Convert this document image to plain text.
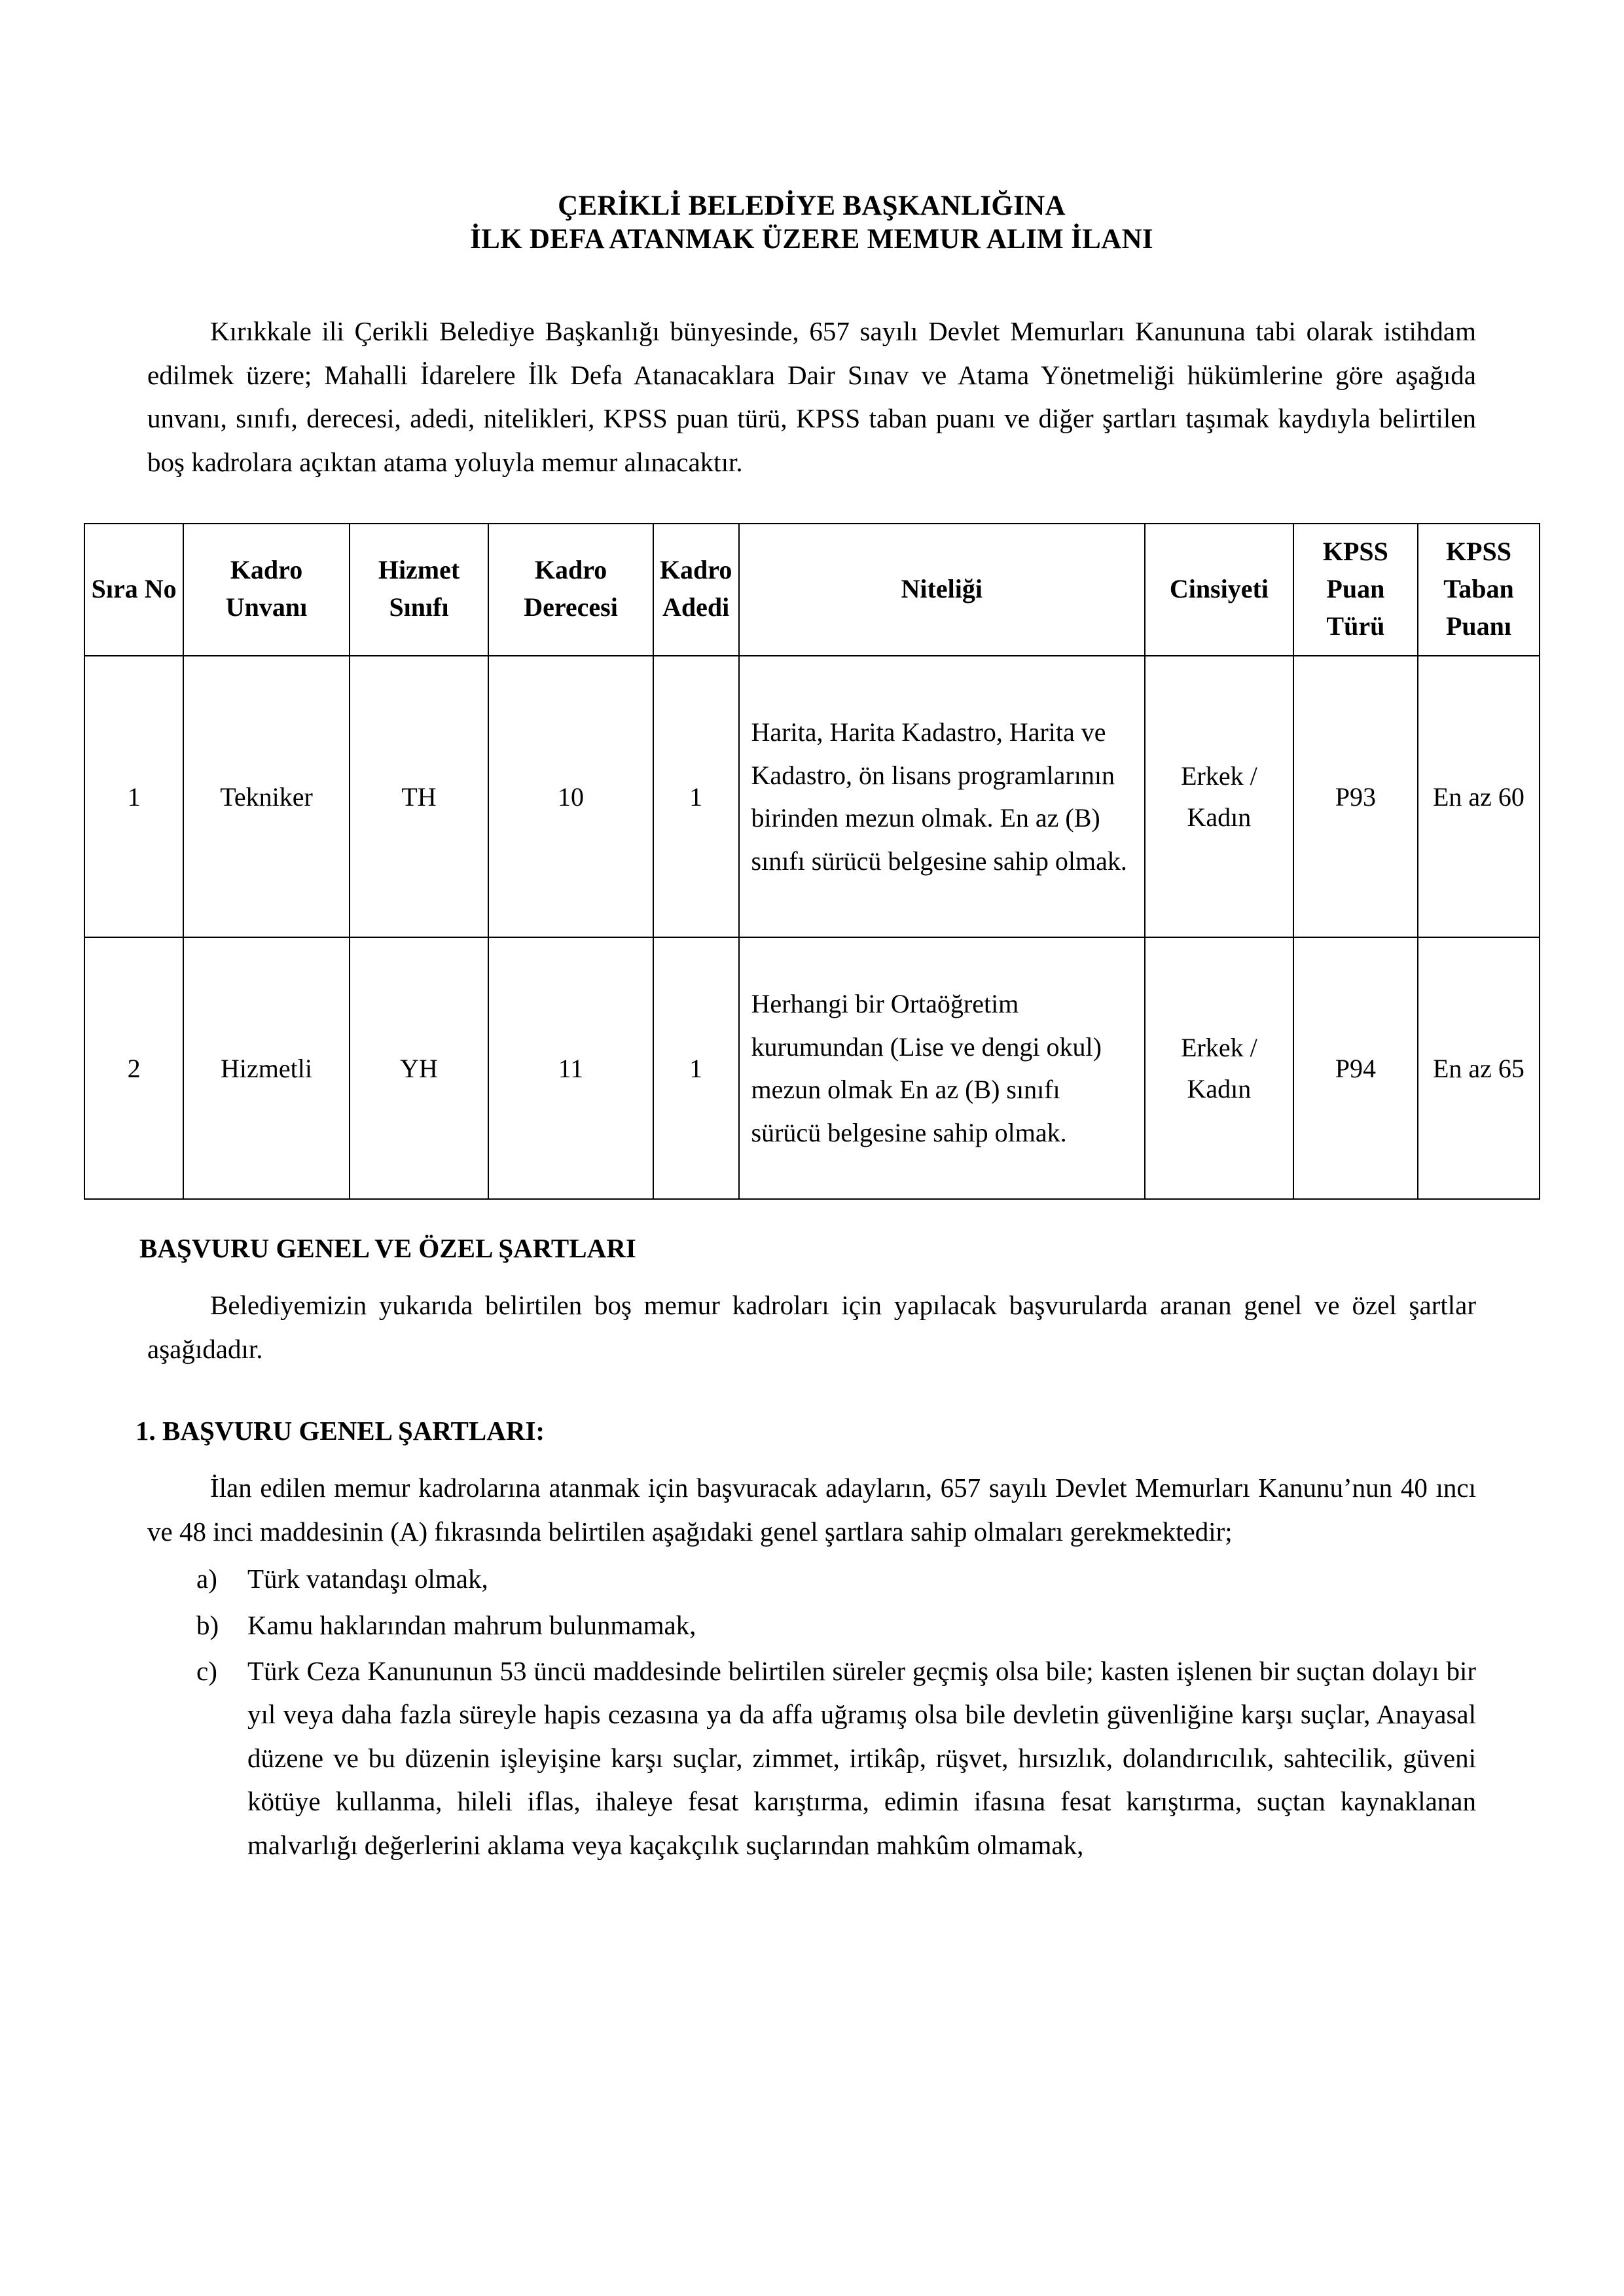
ÇERİKLİ BELEDİYE BAŞKANLIĞINA
İLK DEFA ATANMAK ÜZERE MEMUR ALIM İLANI

Kırıkkale ili Çerikli Belediye Başkanlığı bünyesinde, 657 sayılı Devlet Memurları Kanununa tabi olarak istihdam edilmek üzere; Mahalli İdarelere İlk Defa Atanacaklara Dair Sınav ve Atama Yönetmeliği hükümlerine göre aşağıda unvanı, sınıfı, derecesi, adedi, nitelikleri, KPSS puan türü, KPSS taban puanı ve diğer şartları taşımak kaydıyla belirtilen boş kadrolara açıktan atama yoluyla memur alınacaktır.

Sıra No	Kadro Unvanı	Hizmet Sınıfı	Kadro Derecesi	Kadro Adedi	Niteliği	Cinsiyeti	KPSS Puan Türü	KPSS Taban Puanı
1	Tekniker	TH	10	1	Harita, Harita Kadastro, Harita ve Kadastro, ön lisans programlarının birinden mezun olmak. En az (B) sınıfı sürücü belgesine sahip olmak.	Erkek / Kadın	P93	En az 60
2	Hizmetli	YH	11	1	Herhangi bir Ortaöğretim kurumundan (Lise ve dengi okul) mezun olmak En az (B) sınıfı sürücü belgesine sahip olmak.	Erkek / Kadın	P94	En az 65

BAŞVURU GENEL VE ÖZEL ŞARTLARI

Belediyemizin yukarıda belirtilen boş memur kadroları için yapılacak başvurularda aranan genel ve özel şartlar aşağıdadır.

1. BAŞVURU GENEL ŞARTLARI:

İlan edilen memur kadrolarına atanmak için başvuracak adayların, 657 sayılı Devlet Memurları Kanunu’nun 40 ıncı ve 48 inci maddesinin (A) fıkrasında belirtilen aşağıdaki genel şartlara sahip olmaları gerekmektedir;

a)	Türk vatandaşı olmak,
b)	Kamu haklarından mahrum bulunmamak,
c)	Türk Ceza Kanununun 53 üncü maddesinde belirtilen süreler geçmiş olsa bile; kasten işlenen bir suçtan dolayı bir yıl veya daha fazla süreyle hapis cezasına ya da affa uğramış olsa bile devletin güvenliğine karşı suçlar, Anayasal düzene ve bu düzenin işleyişine karşı suçlar, zimmet, irtikâp, rüşvet, hırsızlık, dolandırıcılık, sahtecilik, güveni kötüye kullanma, hileli iflas, ihaleye fesat karıştırma, edimin ifasına fesat karıştırma, suçtan kaynaklanan malvarlığı değerlerini aklama veya kaçakçılık suçlarından mahkûm olmamak,
